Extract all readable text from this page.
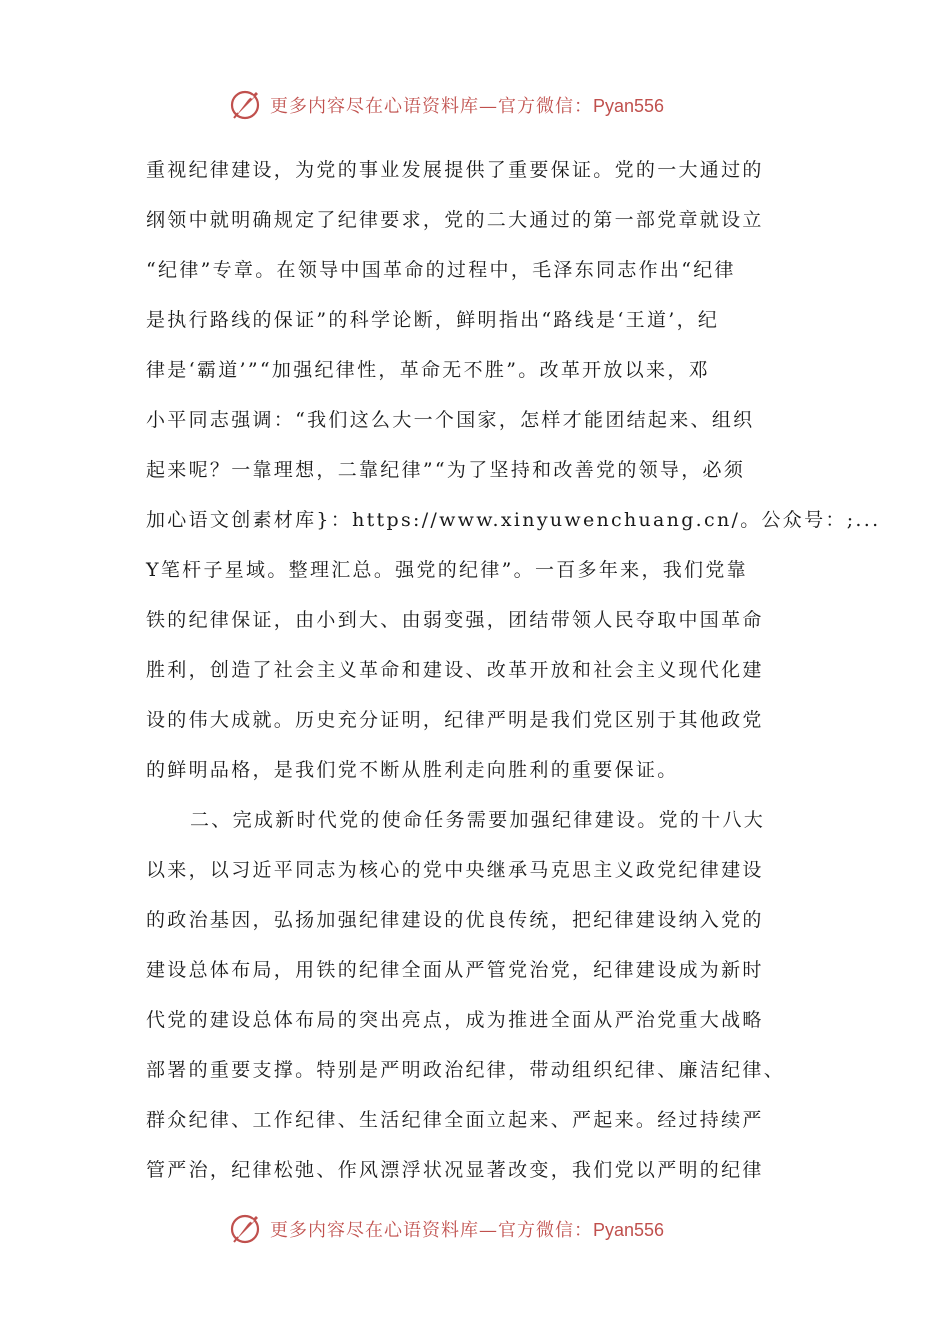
更多内容尽在心语资料库—官方微信：Pyan556
重视纪律建设，为党的事业发展提供了重要保证。党的一大通过的
纲领中就明确规定了纪律要求，党的二大通过的第一部党章就设立
“纪律”专章。在领导中国革命的过程中，毛泽东同志作出“纪律
是执行路线的保证”的科学论断，鲜明指出“路线是‘王道’，纪
律是‘霸道’”“加强纪律性，革命无不胜”。改革开放以来，邓
小平同志强调：“我们这么大一个国家，怎样才能团结起来、组织
起来呢？一靠理想，二靠纪律”“为了坚持和改善党的领导，必须
加心语文创素材库}：https://www.xinyuwenchuang.cn/。公众号：;...
Y笔杆子星域。整理汇总。强党的纪律”。一百多年来，我们党靠
铁的纪律保证，由小到大、由弱变强，团结带领人民夺取中国革命
胜利，创造了社会主义革命和建设、改革开放和社会主义现代化建
设的伟大成就。历史充分证明，纪律严明是我们党区别于其他政党
的鲜明品格，是我们党不断从胜利走向胜利的重要保证。
二、完成新时代党的使命任务需要加强纪律建设。党的十八大
以来，以习近平同志为核心的党中央继承马克思主义政党纪律建设
的政治基因，弘扬加强纪律建设的优良传统，把纪律建设纳入党的
建设总体布局，用铁的纪律全面从严管党治党，纪律建设成为新时
代党的建设总体布局的突出亮点，成为推进全面从严治党重大战略
部署的重要支撑。特别是严明政治纪律，带动组织纪律、廉洁纪律、
群众纪律、工作纪律、生活纪律全面立起来、严起来。经过持续严
管严治，纪律松弛、作风漂浮状况显著改变，我们党以严明的纪律
更多内容尽在心语资料库—官方微信：Pyan556
